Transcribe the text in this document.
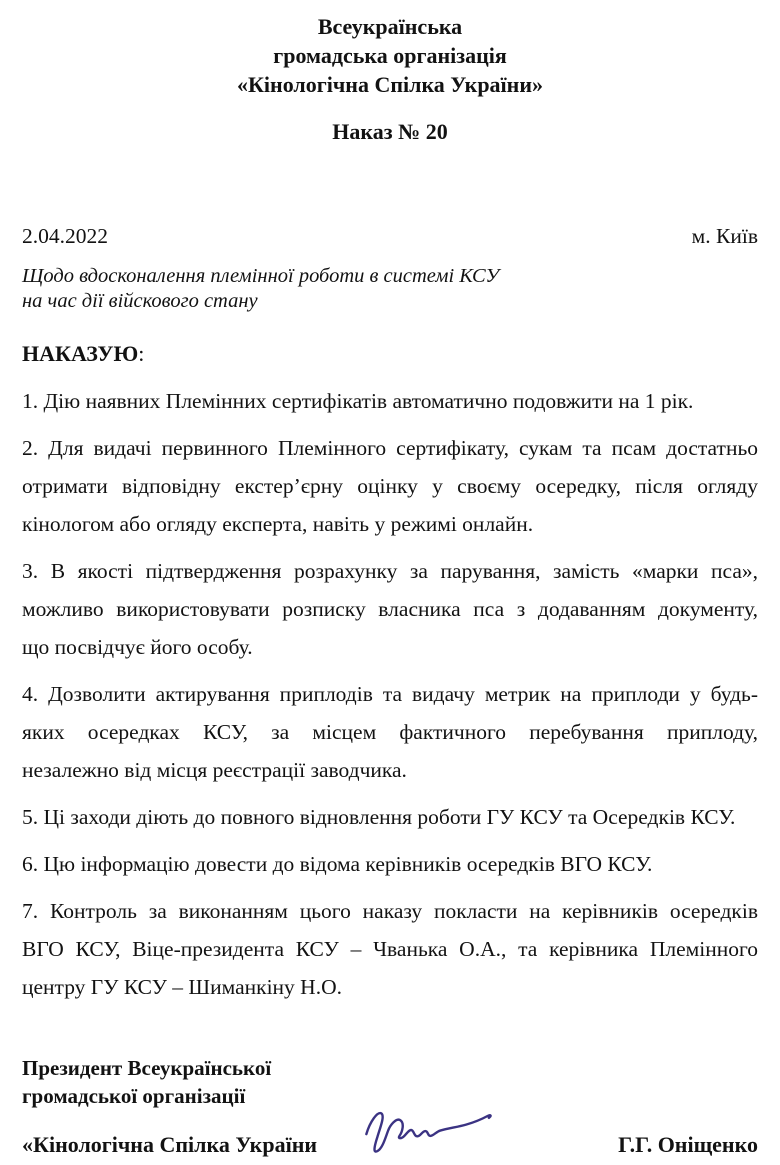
Всеукраїнська
громадська організація
«Кінологічна Спілка України»
Наказ № 20
2.04.2022	м. Київ
Щодо вдосконалення племінної роботи в системі КСУ
на час дії війскового стану
НАКАЗУЮ:
1. Дію наявних Племінних сертифікатів автоматично подовжити на 1 рік.
2. Для видачі первинного Племінного сертифікату, сукам та псам достатньо
отримати відповідну екстер’єрну оцінку у своєму осередку, після огляду
кінологом або огляду експерта, навіть у режимі онлайн.
3. В якості підтвердження розрахунку за парування, замість «марки пса»,
можливо використовувати розписку власника пса з додаванням документу,
що посвідчує його особу.
4. Дозволити актирування приплодів та видачу метрик на приплоди у будь-
яких осередках КСУ, за місцем фактичного перебування приплоду,
незалежно від місця реєстрації заводчика.
5. Ці заходи діють до повного відновлення роботи ГУ КСУ та Осередків КСУ.
6. Цю інформацію довести до відома керівників осередків ВГО КСУ.
7. Контроль за виконанням цього наказу покласти на керівників осередків
ВГО КСУ, Віце-президента КСУ – Чванька О.А., та керівника Племінного
центру ГУ КСУ – Шиманкіну Н.О.
Президент Всеукраїнської
громадської організації
«Кінологічна Спілка України	Г.Г. Оніщенко
